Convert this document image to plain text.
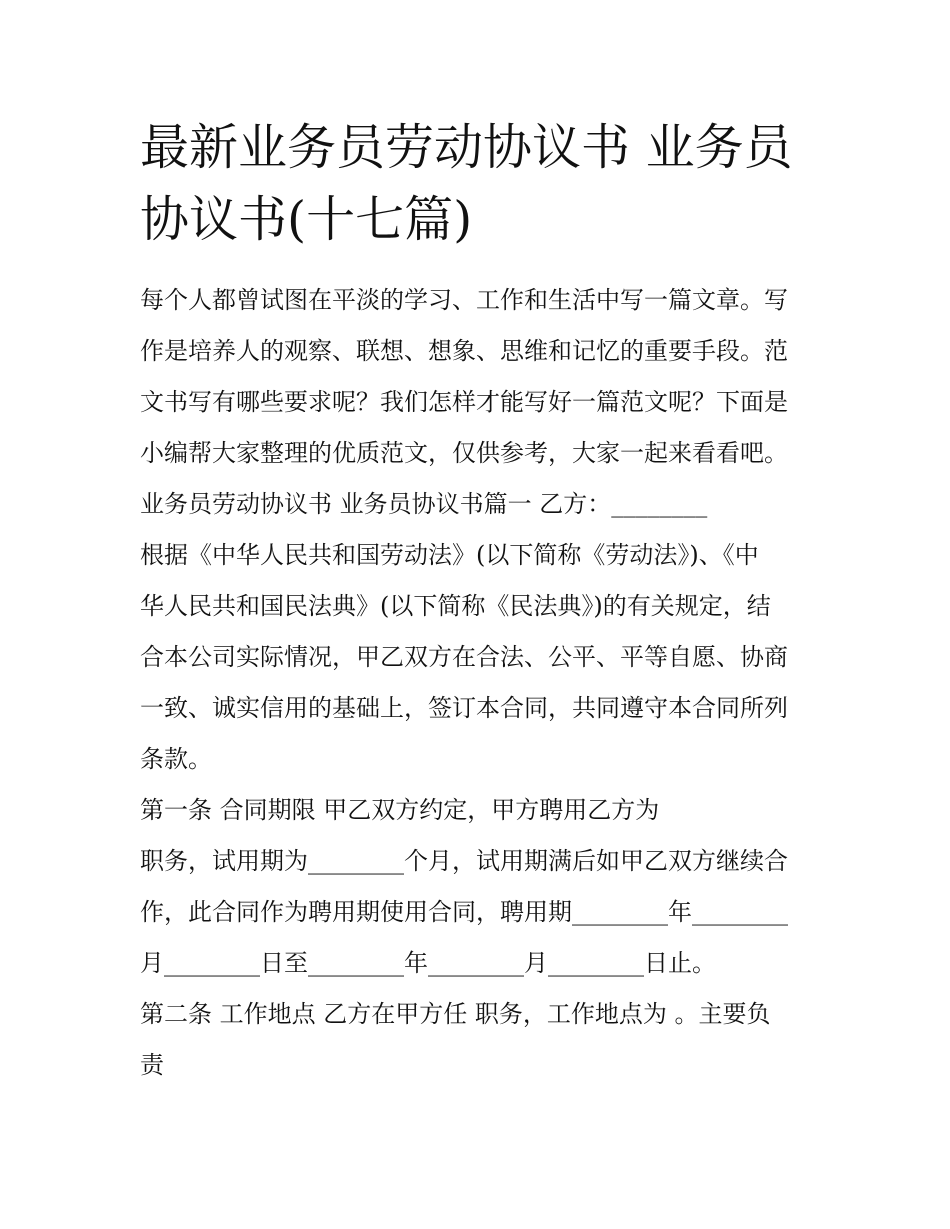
最新业务员劳动协议书 业务员
协议书(十七篇)

每个人都曾试图在平淡的学习、工作和生活中写一篇文章。写
作是培养人的观察、联想、想象、思维和记忆的重要手段。范
文书写有哪些要求呢？我们怎样才能写好一篇范文呢？下面是
小编帮大家整理的优质范文，仅供参考，大家一起来看看吧。

业务员劳动协议书 业务员协议书篇一 乙方：________

根据《中华人民共和国劳动法》(以下简称《劳动法》)、《中
华人民共和国民法典》(以下简称《民法典》)的有关规定，结
合本公司实际情况，甲乙双方在合法、公平、平等自愿、协商
一致、诚实信用的基础上，签订本合同，共同遵守本合同所列
条款。

第一条 合同期限 甲乙双方约定，甲方聘用乙方为

职务，试用期为________个月，试用期满后如甲乙双方继续合
作，此合同作为聘用期使用合同，聘用期________年________
月________日至________年________月________日止。

第二条 工作地点 乙方在甲方任 职务，工作地点为 。主要负
责
